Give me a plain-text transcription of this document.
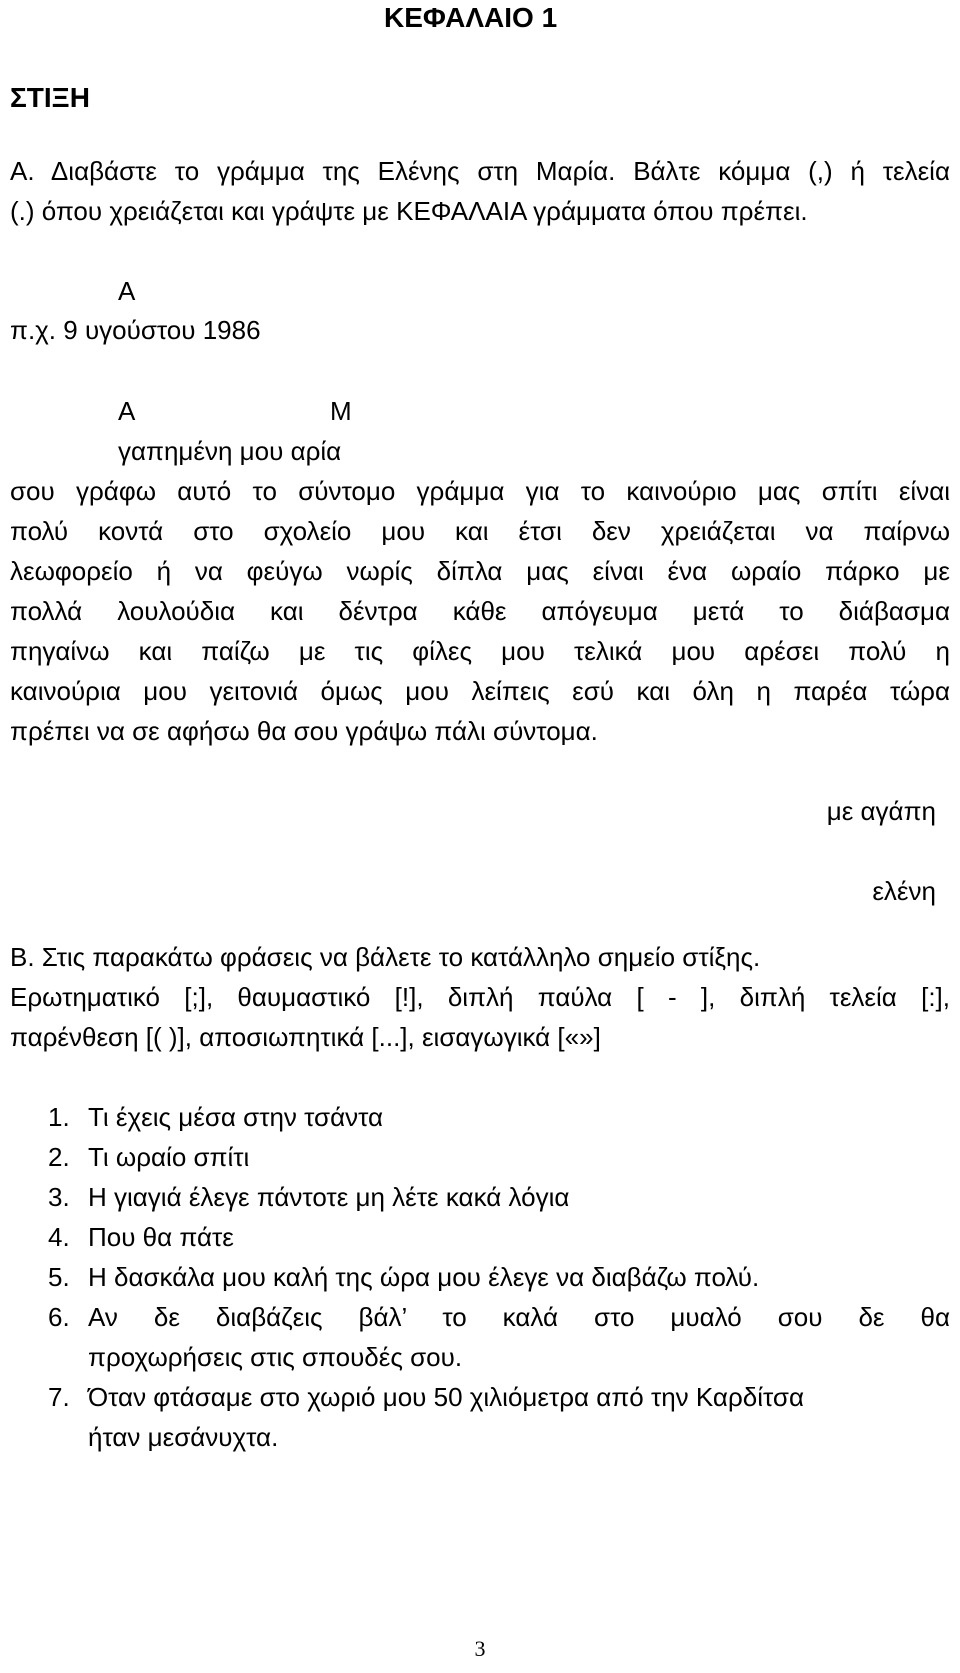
ΚΕΦΑΛΑΙΟ 1
ΣΤΙΞΗ
Α. Διαβάστε το γράμμα της Ελένης στη Μαρία. Βάλτε κόμμα (,) ή τελεία
(.) όπου χρειάζεται και γράψτε με ΚΕΦΑΛΑΙΑ γράμματα όπου πρέπει.
Α
π.χ. 9 υγούστου 1986
Α	Μ
γαπημένη μου αρία
σου γράφω αυτό το σύντομο γράμμα για το καινούριο μας σπίτι είναι
πολύ κοντά στο σχολείο μου και έτσι δεν χρειάζεται να παίρνω
λεωφορείο ή να φεύγω νωρίς δίπλα μας είναι ένα ωραίο πάρκο με
πολλά λουλούδια και δέντρα κάθε απόγευμα μετά το διάβασμα
πηγαίνω και παίζω με τις φίλες μου τελικά μου αρέσει πολύ η
καινούρια μου γειτονιά όμως μου λείπεις εσύ και όλη η παρέα τώρα
πρέπει να σε αφήσω θα σου γράψω πάλι σύντομα.
με αγάπη
ελένη
Β. Στις παρακάτω φράσεις να βάλετε το κατάλληλο σημείο στίξης.
Ερωτηματικό [;], θαυμαστικό [!], διπλή παύλα [ - ], διπλή τελεία [:],
παρένθεση [( )], αποσιωπητικά [...], εισαγωγικά [«»]
1. Τι έχεις μέσα στην τσάντα
2. Τι ωραίο σπίτι
3. Η γιαγιά έλεγε πάντοτε μη λέτε κακά λόγια
4. Που θα πάτε
5. Η δασκάλα μου καλή της ώρα μου έλεγε να διαβάζω πολύ.
6. Αν δε διαβάζεις βάλ’ το καλά στο μυαλό σου δε θα
προχωρήσεις στις σπουδές σου.
7. Όταν φτάσαμε στο χωριό μου 50 χιλιόμετρα από την Καρδίτσα
ήταν μεσάνυχτα.
3
